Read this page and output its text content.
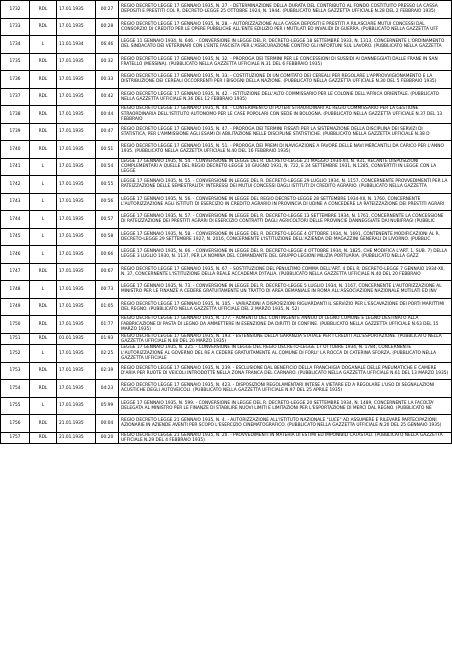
1732	RDL	17.01.1935	00:27	REGIO DECRETO LEGGE 17 GENNAIO 1935, N. 27. - DETERMINAZIONE DELLA DURATA DEL CONTRIBUTO AL FONDO COSTITUITO PRESSO LA CASSA DEPOSITI E PRESTITI COL R. DECRETO-LEGGE 25 OTTOBRE 1924, N. 1944. (PUBBLICATO NELLA GAZZETTA UFFICIALE N.28 DEL 2 FEBBRAIO 1935)
1733	RDL	17.01.1935	00:28	REGIO DECRETO LEGGE 17 GENNAIO 1935, N. 28. - AUTORIZZAZIONE ALLA CASSA DEPOSITI E PRESTITI A RILASCIARE MUTUI CONCESSI DAL CONSORZIO DI CREDITO PER LE OPERE PUBBLICHE ALL'ENTE EDILIZIO PER I MUTILATI ED INVALIDI DI GUERRA. (PUBBLICATO NELLA GAZZETTA UFF
1734	L	11.01.1934	06:46	LEGGE 11 GENNAIO 1934, N. 646. - CONVERSIONE IN LEGGE DEL R. DECRETO-LEGGE 18 SETTEMBRE 1933, N. 1313, CONCERNENTE L'ORDINAMENTO DEL SINDACATO DEI VETERINARI CON L'ENTE FASCISTA PER L'ASSICURAZIONE CONTRO GLI INFORTUNI SUL LAVORO. (PUBBLICATO NELLA GAZZETTA
1735	RDL	17.01.1935	00:32	REGIO DECRETO LEGGE 17 GENNAIO 1935, N. 32. - PROROGA DEI TERMINI PER LE CONCESSIONI DI SUSSIDI AI DANNEGGIATI DALLE FRANE IN SAN FRATELLO (MESSINA). (PUBBLICATO NELLA GAZZETTA UFFICIALE N.31 DEL 6 FEBBRAIO 1935)
1736	RDL	17.01.1935	00:33	REGIO DECRETO LEGGE 17 GENNAIO 1935, N. 33. - COSTITUZIONE DI UN COMITATO DEI CEREALI PER REGOLARE L'APPROVVIGIONAMENTO E LA DISTRIBUZIONE DEI CEREALI OCCORRENTI PER I BISOGNI DELLA NAZIONE. (PUBBLICATO NELLA GAZZETTA UFFICIALE N.30 DEL 5 FEBBRAIO 1935)
1737	RDL	17.01.1935	00:42	REGIO DECRETO LEGGE 17 GENNAIO 1935, N. 42. - ISTITUZIONE DELL'ALTO COMMISSARIO PER LE COLONIE DELL'AFRICA ORIENTALE. (PUBBLICATO NELLA GAZZETTA UFFICIALE N.36 DEL 12 FEBBRAIO 1935)
1738	RDL	17.01.1935	00:44	REGIO DECRETO LEGGE 17 GENNAIO 1935, N. 44. - CONFERIMENTO DI POTERI STRAORDINARI AL REGIO COMMISSARIO PER LA GESTIONE STRAORDINARIA DELL'ISTITUTO AUTONOMO PER LE CASE POPOLARI CON SEDE IN BOLOGNA. (PUBBLICATO NELLA GAZZETTA UFFICIALE N.37 DEL 13 FEBBRAIO
1739	RDL	17.01.1935	00:47	REGIO DECRETO LEGGE 17 GENNAIO 1935, N. 47. - PROROGA DEI TERMINI FISSATI PER LA SISTEMAZIONE DELLA DISCIPLINA DEI SERVIZI DI STATISTICA, PER L'AMMISSIONE AGLI ESAMI DI ABILITAZIONE NELLE DISCIPLINE STATISTICHE. (PUBBLICATO NELLA GAZZETTA UFFICIALE N.38 D
1740	RDL	17.01.1935	00:51	REGIO DECRETO LEGGE 17 GENNAIO 1935, N. 51. - PROROGA DEI PREMI DI NAVIGAZIONE A FAVORE DELLE NAVI MERCANTILI DA CARICO PER L'ANNO 1935. (PUBBLICATO NELLA GAZZETTA UFFICIALE N.40 DEL 16 FEBBRAIO 1935)
1741	L	17.01.1935	00:54	LEGGE 17 GENNAIO 1935, N. 54. - CONVERSIONE IN LEGGE DEL R. DECRETO-LEGGE 21 MAGGIO 1934-XII, N. 931, RECANTE DISPOSIZIONI COMPLEMENTARI A QUELLE DEL REGIO DECRETO-LEGGE 10 GIUGNO 1931, N. 722, E 24 SETTEMBRE 1931, N.1285, CONVERTITI IN LEGGE CON LA LEGGE
1742	L	17.01.1935	00:55	LEGGE 17 GENNAIO 1935, N. 55. - CONVERSIONE IN LEGGE DEL R. DECRETO-LEGGE 29 LUGLIO 1934, N. 1157, CONCERNENTE PROVVEDIMENTI PER LA RATEIZZAZIONE DELLE SEMESTRALITA' INTERESSI DEI MUTUI CONCESSI DAGLI ISTITUTI DI CREDITO AGRARIO. (PUBBLICATO NELLA GAZZETTA
1743	L	17.01.1935	00:56	LEGGE 17 GENNAIO 1935, N. 56. - CONVERSIONE IN LEGGE DEL REGIO DECRETO-LEGGE 28 SETTEMBRE 1934-XII, N. 1760, CONCERNENTE L'AUTORIZZAZIONE AGLI ISTITUTI DI ESERCIZIO IN CREDITO AGRARIO IN PROVINCIA DI UDINE A CONCEDERE LA RATEIZZAZIONE DEI PRESTITI AGRARI
1744	L	17.01.1935	00:57	LEGGE 17 GENNAIO 1935, N. 57. - CONVERSIONE IN LEGGE DEL R. DECRETO-LEGGE 13 SETTEMBRE 1934, N. 1761, CONCERNENTE LA CONCESSIONE DI RATEIZZAZIONE DEI PRESTITI AGRARI DI ESERCIZIO CONTRATTI DAGLI AGRICOLTORI DELLE PROVINCIE DANNEGGIATE DAI NUBIFRAGI (PUBBLIC
1745	L	17.01.1935	00:58	LEGGE 17 GENNAIO 1935, N. 58. - CONVERSIONE IN LEGGE DEL R. DECRETO-LEGGE 4 OTTOBRE 1934, N. 1691, CONTENENTE MODIFICAZIONI AL R. DECRETO-LEGGE 29 SETTEMBRE 1927, N. 2016, CONCERNENTE L'ISTITUZIONE DELL'AZIENDA DEI MAGAZZINI GENERALI DI LIVORNO. (PUBBLIC
1746	L	17.01.1935	00:66	LEGGE 17 GENNAIO 1935, N. 66. - CONVERSIONE IN LEGGE DEL R. DECRETO-LEGGE 4 OTTOBRE 1934, N. 1825, CHE MODIFICA L'ART. 1, SUB. 7) DELLA LEGGE 3 LUGLIO 1930, N. 1137, PER LA NOMINA DEL COMANDANTE DEL GRUPPO LEGIONI MILIZIA PORTUARIA. (PUBBLICATO NELLA GAZZ
1747	RDL	17.01.1935	00:67	REGIO DECRETO LEGGE 17 GENNAIO 1935, N. 67. - SOSTITUZIONE DEL PENULTIMO COMMA DELL'ART. 4 DEL R. DECRETO-LEGGE 7 GENNAIO 1934-XII, N. 37, CONCERNENTE L'ISTITUZIONE DELLA REALE ACCADEMIA D'ITALIA. (PUBBLICATO NELLA GAZZETTA UFFICIALE N.40 DEL 20 FEBBRAIO
1748	L	17.01.1935	00:73	LEGGE 17 GENNAIO 1935, N. 73. - CONVERSIONE IN LEGGE DEL R. DECRETO-LEGGE 5 LUGLIO 1934, N. 1167, CONCERNENTE L'AUTORIZZAZIONE AL MINISTRO PER LE FINANZE A CEDERE GRATUITAMENTE UN TRATTO DI AREA DEMANIALE IN ROMA ALL'ASSOCIAZIONE NAZIONALE MUTILATI ED INV
1749	RDL	17.01.1935	01:05	REGIO DECRETO LEGGE 17 GENNAIO 1935, N. 105. - VARIAZIONI A DISPOSIZIONI RIGUARDANTI IL SERVIZIO PER L'ESCAVAZIONE DEI PORTI MARITTIMI DEL REGNO. (PUBBLICATO NELLA GAZZETTA UFFICIALE DEL 2 MARZO 1935, N. 52)
1750	RDL	17.01.1935	01:77	REGIO DECRETO LEGGE 17 GENNAIO 1935, N. 177. - AUMENTO DEL CONTINGENTE ANNUO DI LEGNO COMUNE E LEGNO DESTINATO ALLA FABBRICAZIONE DI PASTA DI LEGNO DA AMMETTERE IN ESENZIONE DA DIRITTI DI CONFINE. (PUBBLICATO NELLA GAZZETTA UFFICIALE N.63 DEL 15 MARZO 1935)
1751	RDL	01.01.1935	01:93	REGIO DECRETO LEGGE 17 GENNAIO 1935, N. 193. - ESTENSIONE DELLA GARANZIA STATALE PER I CREDITI ALL'ESPORTAZIONE. (PUBBLICATO NELLA GAZZETTA UFFICIALE N.68 DEL 20 MARZO 1935)
1752	L	17.01.1935	02:25	LEGGE 17 GENNAIO 1935, N. 225. - CONVERSIONE IN LEGGE DEL REGIO DECRETO-LEGGE 17 OTTOBRE 1934, N. 1784, CONCERNENTE L'AUTORIZZAZIONE AL GOVERNO DEL RE A CEDERE GRATUITAMENTE AL COMUNE DI FORLI' LA ROCCA DI CATERINA SFORZA. (PUBBLICATO NELLA GAZZETTA UFFICIALE
1753	RDL	17.01.1935	02:39	REGIO DECRETO LEGGE 17 GENNAIO 1935, N. 239. - ESCLUSIONE DAL BENEFICIO DELLA FRANCHIGIA DOGANALE DELLE PNEUMATICHE E CAMERE D'ARIA PER RUOTE DI VEICOLI INTRODOTTE NELLA ZONA FRANCA DEL CARNARO. (PUBBLICATO NELLA GAZZETTA UFFICIALE N.61 DEL 13 MARZO 1935)
1754	RDL	17.01.1935	04:23	REGIO DECRETO LEGGE 17 GENNAIO 1935, N. 423. - DISPOSIZIONI REGOLAMENTARI INTESE A VIETARE ED A REGOLARE L'USO DI SEGNALAZIONI ACUSTICHE DEGLI AUTOVEICOLI. (PUBBLICATO NELLA GAZZETTA UFFICIALE N.97 DEL 25 APRILE 1935)
1755	L	17.01.1935	05:99	LEGGE 17 GENNAIO 1935, N. 599. - CONVERSIONE IN LEGGE DEL R. DECRETO-LEGGE 20 SETTEMBRE 1934, N. 1489, CONCERNENTE LA FACOLTA' DELEGATA AL MINISTRO PER LE FINANZE DI STABILIRE NUOVI LIMITI E LIMITAZIONI PER L'ESPORTAZIONE DI MERCI DAL REGNO. (PUBBLICATO NE
1756	RDL	21.01.1935	00:04	REGIO DECRETO LEGGE 21 GENNAIO 1935, N. 4. - AUTORIZZAZIONE ALL'ISTITUTO NAZIONALE "LUCE" AD ASSUMERE E RILEVARE PARTECIPAZIONI AZIONARIE IN AZIENDE AVENTI PER SCOPO L'ESERCIZIO CINEMATOGRAFICO. (PUBBLICATO NELLA GAZZETTA UFFICIALE N.20 DEL 25 GENNAIO 1935)
1757	RDL	21.01.1935	00:20	REGIO DECRETO LEGGE 21 GENNAIO 1935, N. 20. - PROVVEDIMENTI IN MATERIA DI ESTIMI ED IMPONIBILI CATASTALI. (PUBBLICATO NELLA GAZZETTA UFFICIALE N.29 DEL 4 FEBBRAIO 1935)
